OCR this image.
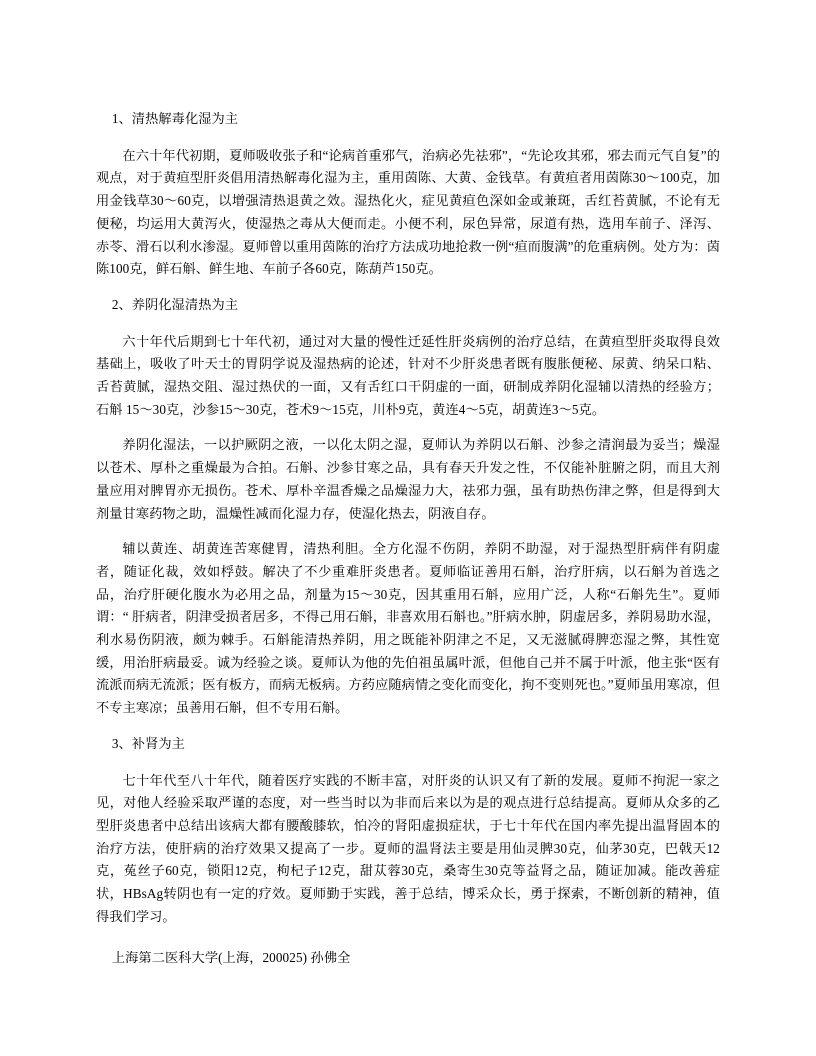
1、清热解毒化湿为主

在六十年代初期，夏师吸收张子和“论病首重邪气，治病必先祛邪”，“先论攻其邪，邪去而元气自复”的观点，对于黄疸型肝炎倡用清热解毒化湿为主，重用茵陈、大黄、金钱草。有黄疸者用茵陈30～100克，加用金钱草30～60克，以增强清热退黄之效。湿热化火，症见黄疸色深如金或兼斑，舌红苔黄腻，不论有无便秘，均运用大黄泻火，使湿热之毒从大便而走。小便不利，尿色异常，尿道有热，选用车前子、泽泻、赤苓、滑石以利水渗湿。夏师曾以重用茵陈的治疗方法成功地抢救一例“疸而腹满”的危重病例。处方为：茵陈100克，鲜石斛、鲜生地、车前子各60克，陈葫芦150克。

2、养阴化湿清热为主

六十年代后期到七十年代初，通过对大量的慢性迁延性肝炎病例的治疗总结，在黄疸型肝炎取得良效基础上，吸收了叶天士的胃阴学说及湿热病的论述，针对不少肝炎患者既有腹胀便秘、尿黄、纳呆口粘、舌苔黄腻，湿热交阻、湿过热伏的一面，又有舌红口干阴虚的一面，研制成养阴化湿辅以清热的经验方；石斛 15～30克，沙参15～30克，苍术9～15克，川朴9克，黄连4～5克，胡黄连3～5克。

养阴化湿法，一以护厥阴之液，一以化太阴之湿，夏师认为养阴以石斛、沙参之清润最为妥当；燥湿以苍术、厚朴之重燥最为合拍。石斛、沙参甘寒之品，具有春天升发之性，不仅能补脏腑之阴，而且大剂量应用对脾胃亦无损伤。苍术、厚朴辛温香燥之品燥湿力大，祛邪力强，虽有助热伤津之弊，但是得到大剂量甘寒药物之助，温燥性减而化湿力存，使湿化热去，阴液自存。

辅以黄连、胡黄连苦寒健胃，清热利胆。全方化湿不伤阴，养阴不助湿，对于湿热型肝病伴有阴虚者，随证化裁，效如桴鼓。解决了不少重难肝炎患者。夏师临证善用石斛，治疗肝病，以石斛为首选之品，治疗肝硬化腹水为必用之品，剂量为15～30克，因其重用石斛，应用广泛，人称“石斛先生”。夏师谓：“ 肝病者，阴津受损者居多，不得己用石斛，非喜欢用石斛也。”肝病水肿，阴虚居多，养阴易助水湿，利水易伤阴液，颇为棘手。石斛能清热养阴，用之既能补阴津之不足，又无滋腻碍脾恋湿之弊，其性宽缓，用治肝病最妥。诚为经验之谈。夏师认为他的先伯祖虽属叶派，但他自己并不属于叶派，他主张“医有流派而病无流派；医有板方，而病无板病。方药应随病情之变化而变化，拘不变则死也。”夏师虽用寒凉，但不专主寒凉；虽善用石斛，但不专用石斛。

3、补肾为主

七十年代至八十年代，随着医疗实践的不断丰富，对肝炎的认识又有了新的发展。夏师不拘泥一家之见，对他人经验采取严谨的态度，对一些当时以为非而后来以为是的观点进行总结提高。夏师从众多的乙型肝炎患者中总结出该病大都有腰酸膝软，怕冷的肾阳虚损症状，于七十年代在国内率先提出温肾固本的治疗方法，使肝病的治疗效果又提高了一步。夏师的温肾法主要是用仙灵脾30克，仙茅30克，巴戟天12克，菟丝子60克，锁阳12克，枸杞子12克，甜苁蓉30克，桑寄生30克等益肾之品，随证加减。能改善症状，HBsAg转阴也有一定的疗效。夏师勤于实践，善于总结，博采众长，勇于探索，不断创新的精神，值得我们学习。

上海第二医科大学(上海，200025) 孙佛全
